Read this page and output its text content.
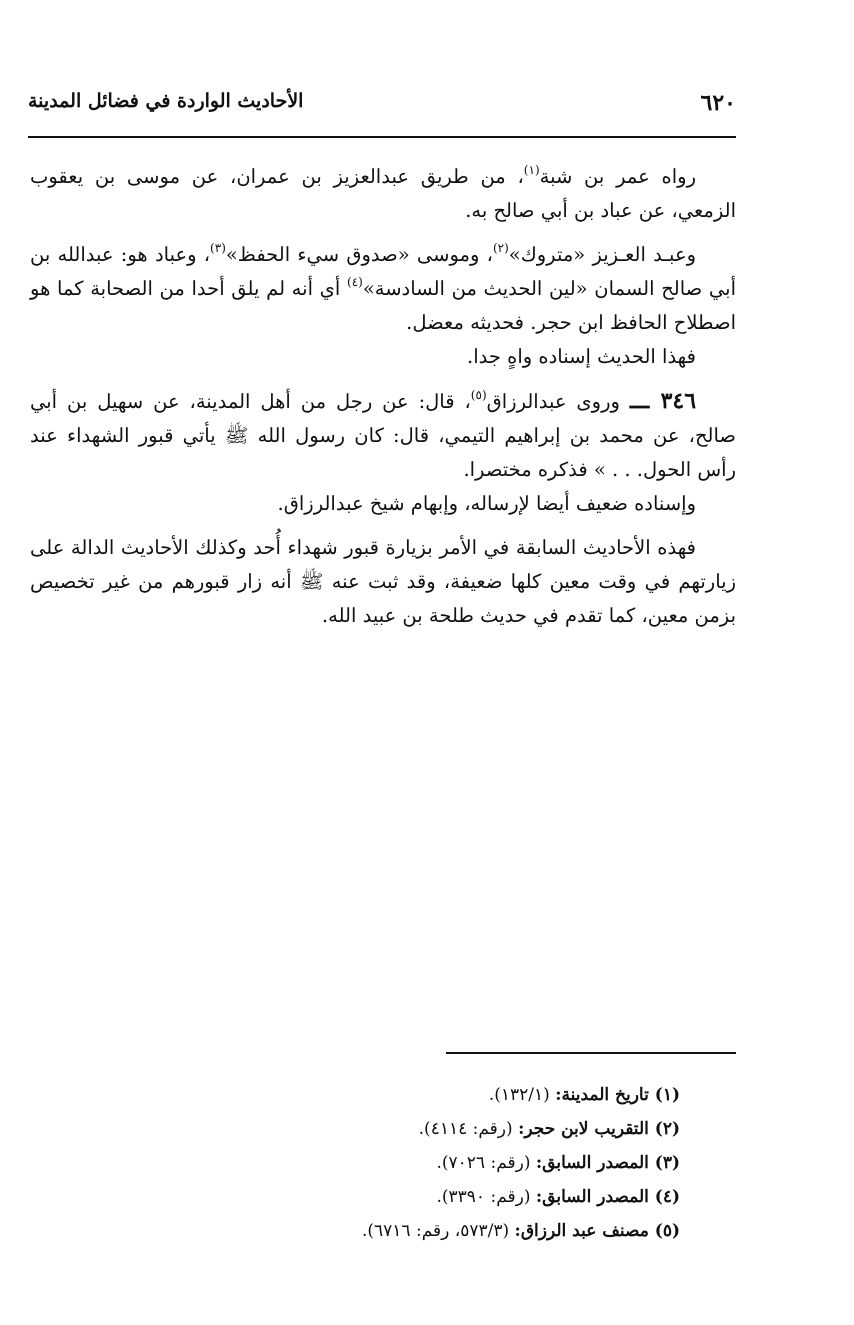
٦٢٠
الأحاديث الواردة في فضائل المدينة

رواه عمر بن شبة$^{(١)}$، من طريق عبدالعزيز بن عمران، عن موسى بن يعقوب الزمعي، عن عباد بن أبي صالح به.

وعبـد العـزيز «متروك»$^{(٢)}$، وموسى «صدوق سيء الحفظ»$^{(٣)}$، وعباد هو: عبدالله بن أبي صالح السمان «لين الحديث من السادسة»$^{(٤)}$ أي أنه لم يلق أحدا من الصحابة كما هو اصطلاح الحافظ ابن حجر. فحديثه معضل.

فهذا الحديث إسناده واهٍ جدا.

٣٤٦ ـــ وروى عبدالرزاق$^{(٥)}$، قال: عن رجل من أهل المدينة، عن سهيل بن أبي صالح، عن محمد بن إبراهيم التيمي، قال: كان رسول الله ﷺ يأتي قبور الشهداء عند رأس الحول. . . » فذكره مختصرا.

وإسناده ضعيف أيضا لإرساله، وإبهام شيخ عبدالرزاق.

فهذه الأحاديث السابقة في الأمر بزيارة قبور شهداء أُحد وكذلك الأحاديث الدالة على زيارتهم في وقت معين كلها ضعيفة، وقد ثبت عنه ﷺ أنه زار قبورهم من غير تخصيص بزمن معين، كما تقدم في حديث طلحة بن عبيد الله.

(١) تاريخ المدينة: (١٣٢/١).
(٢) التقريب لابن حجر: (رقم: ٤١١٤).
(٣) المصدر السابق: (رقم: ٧٠٢٦).
(٤) المصدر السابق: (رقم: ٣٣٩٠).
(٥) مصنف عبد الرزاق: (٥٧٣/٣، رقم: ٦٧١٦).
